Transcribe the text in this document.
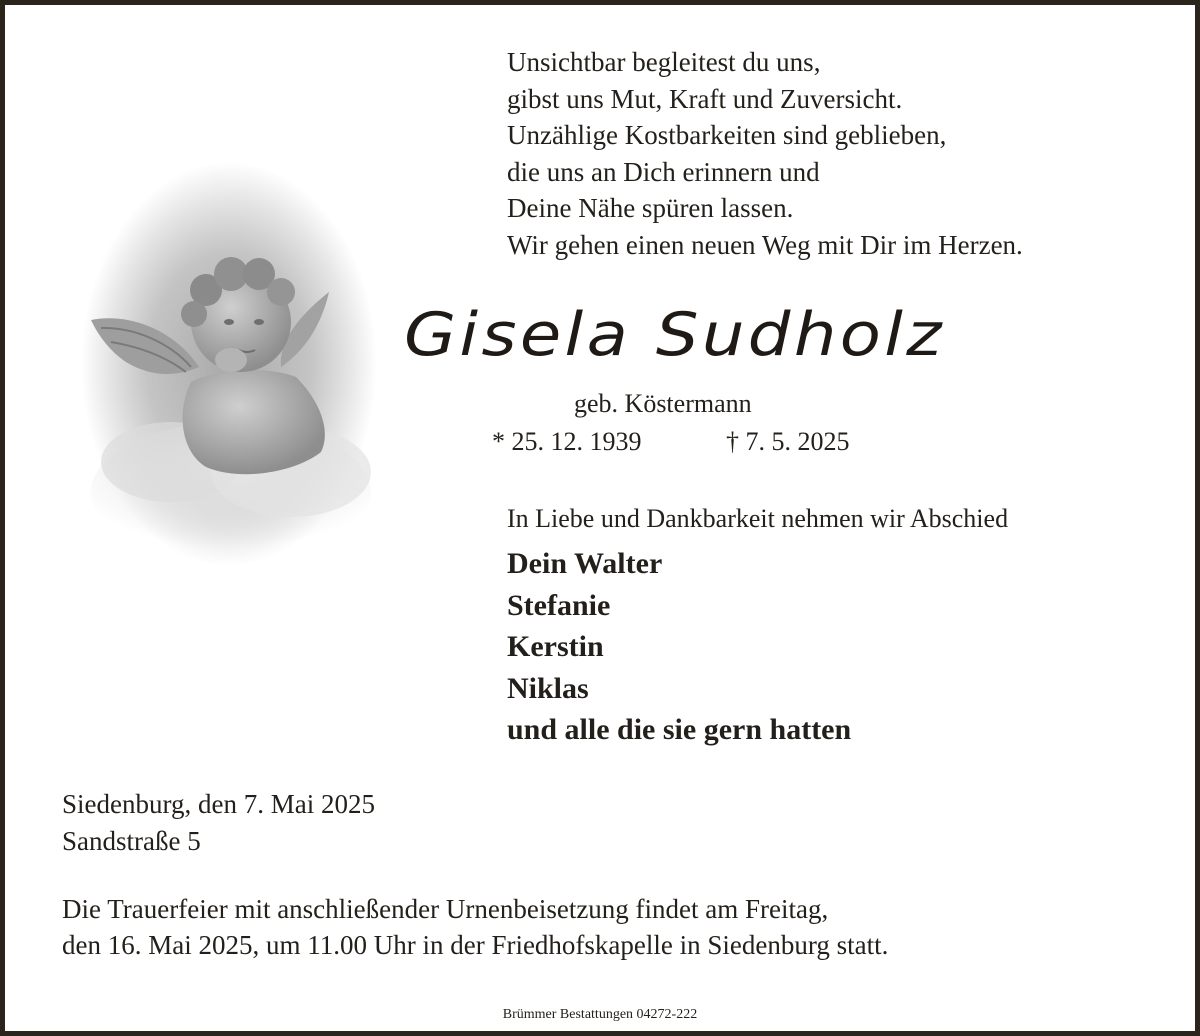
Unsichtbar begleitest du uns,
gibst uns Mut, Kraft und Zuversicht.
Unzählige Kostbarkeiten sind geblieben,
die uns an Dich erinnern und
Deine Nähe spüren lassen.
Wir gehen einen neuen Weg mit Dir im Herzen.
Gisela Sudholz
geb. Köstermann
* 25. 12. 1939	† 7. 5. 2025
In Liebe und Dankbarkeit nehmen wir Abschied
Dein Walter
Stefanie
Kerstin
Niklas
und alle die sie gern hatten
Siedenburg, den 7. Mai 2025
Sandstraße 5
Die Trauerfeier mit anschließender Urnenbeisetzung findet am Freitag,
den 16. Mai 2025, um 11.00 Uhr in der Friedhofskapelle in Siedenburg statt.
Brümmer Bestattungen 04272-222
